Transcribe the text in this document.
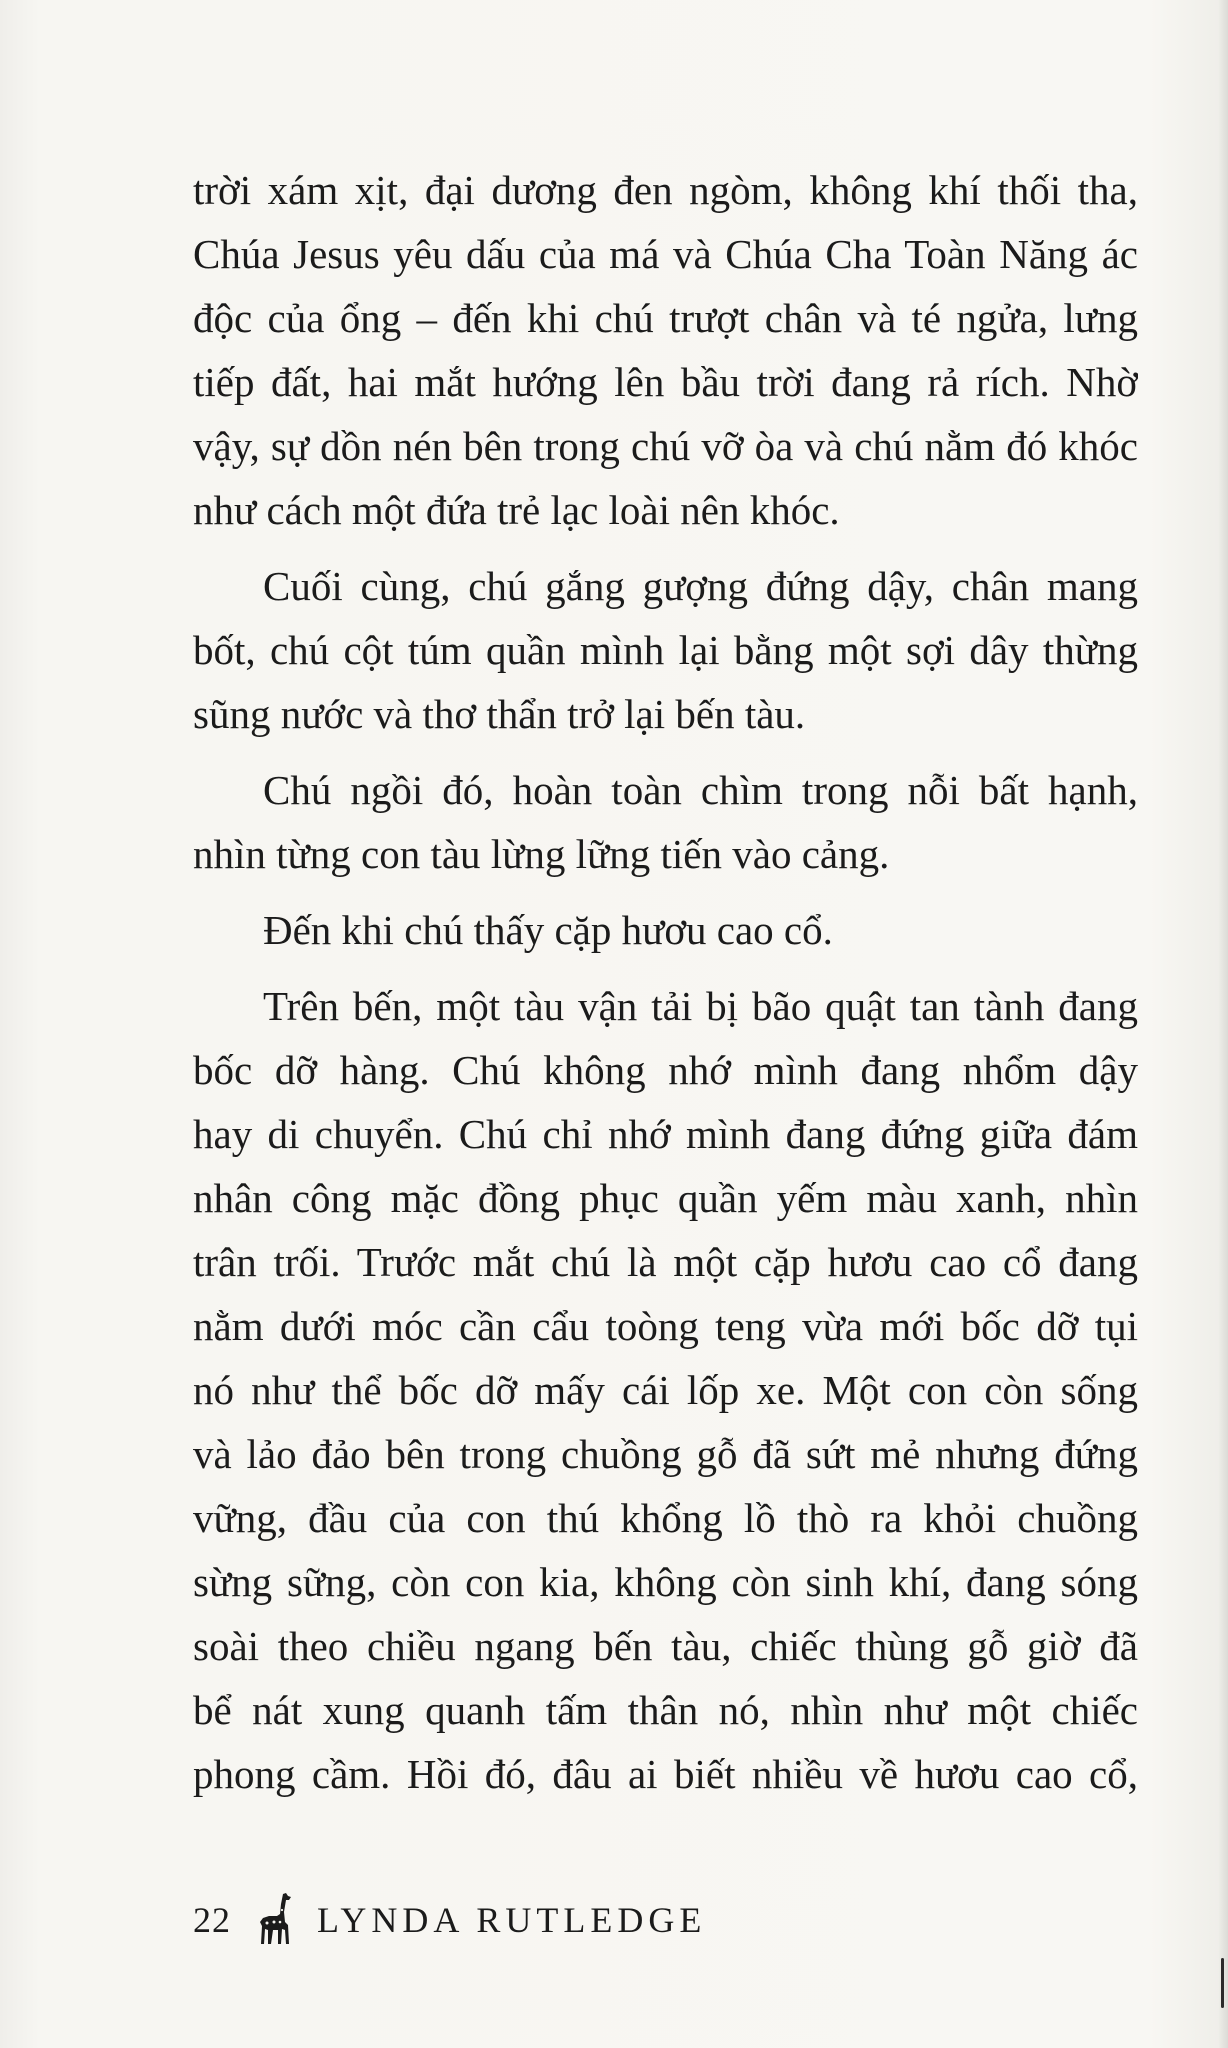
trời xám xịt, đại dương đen ngòm, không khí thối tha,
Chúa Jesus yêu dấu của má và Chúa Cha Toàn Năng ác
độc của ổng – đến khi chú trượt chân và té ngửa, lưng
tiếp đất, hai mắt hướng lên bầu trời đang rả rích. Nhờ
vậy, sự dồn nén bên trong chú vỡ òa và chú nằm đó khóc
như cách một đứa trẻ lạc loài nên khóc.
Cuối cùng, chú gắng gượng đứng dậy, chân mang
bốt, chú cột túm quần mình lại bằng một sợi dây thừng
sũng nước và thơ thẩn trở lại bến tàu.
Chú ngồi đó, hoàn toàn chìm trong nỗi bất hạnh,
nhìn từng con tàu lừng lững tiến vào cảng.
Đến khi chú thấy cặp hươu cao cổ.
Trên bến, một tàu vận tải bị bão quật tan tành đang
bốc dỡ hàng. Chú không nhớ mình đang nhổm dậy
hay di chuyển. Chú chỉ nhớ mình đang đứng giữa đám
nhân công mặc đồng phục quần yếm màu xanh, nhìn
trân trối. Trước mắt chú là một cặp hươu cao cổ đang
nằm dưới móc cần cẩu toòng teng vừa mới bốc dỡ tụi
nó như thể bốc dỡ mấy cái lốp xe. Một con còn sống
và lảo đảo bên trong chuồng gỗ đã sứt mẻ nhưng đứng
vững, đầu của con thú khổng lồ thò ra khỏi chuồng
sừng sững, còn con kia, không còn sinh khí, đang sóng
soài theo chiều ngang bến tàu, chiếc thùng gỗ giờ đã
bể nát xung quanh tấm thân nó, nhìn như một chiếc
phong cầm. Hồi đó, đâu ai biết nhiều về hươu cao cổ,
22 LYNDA RUTLEDGE
